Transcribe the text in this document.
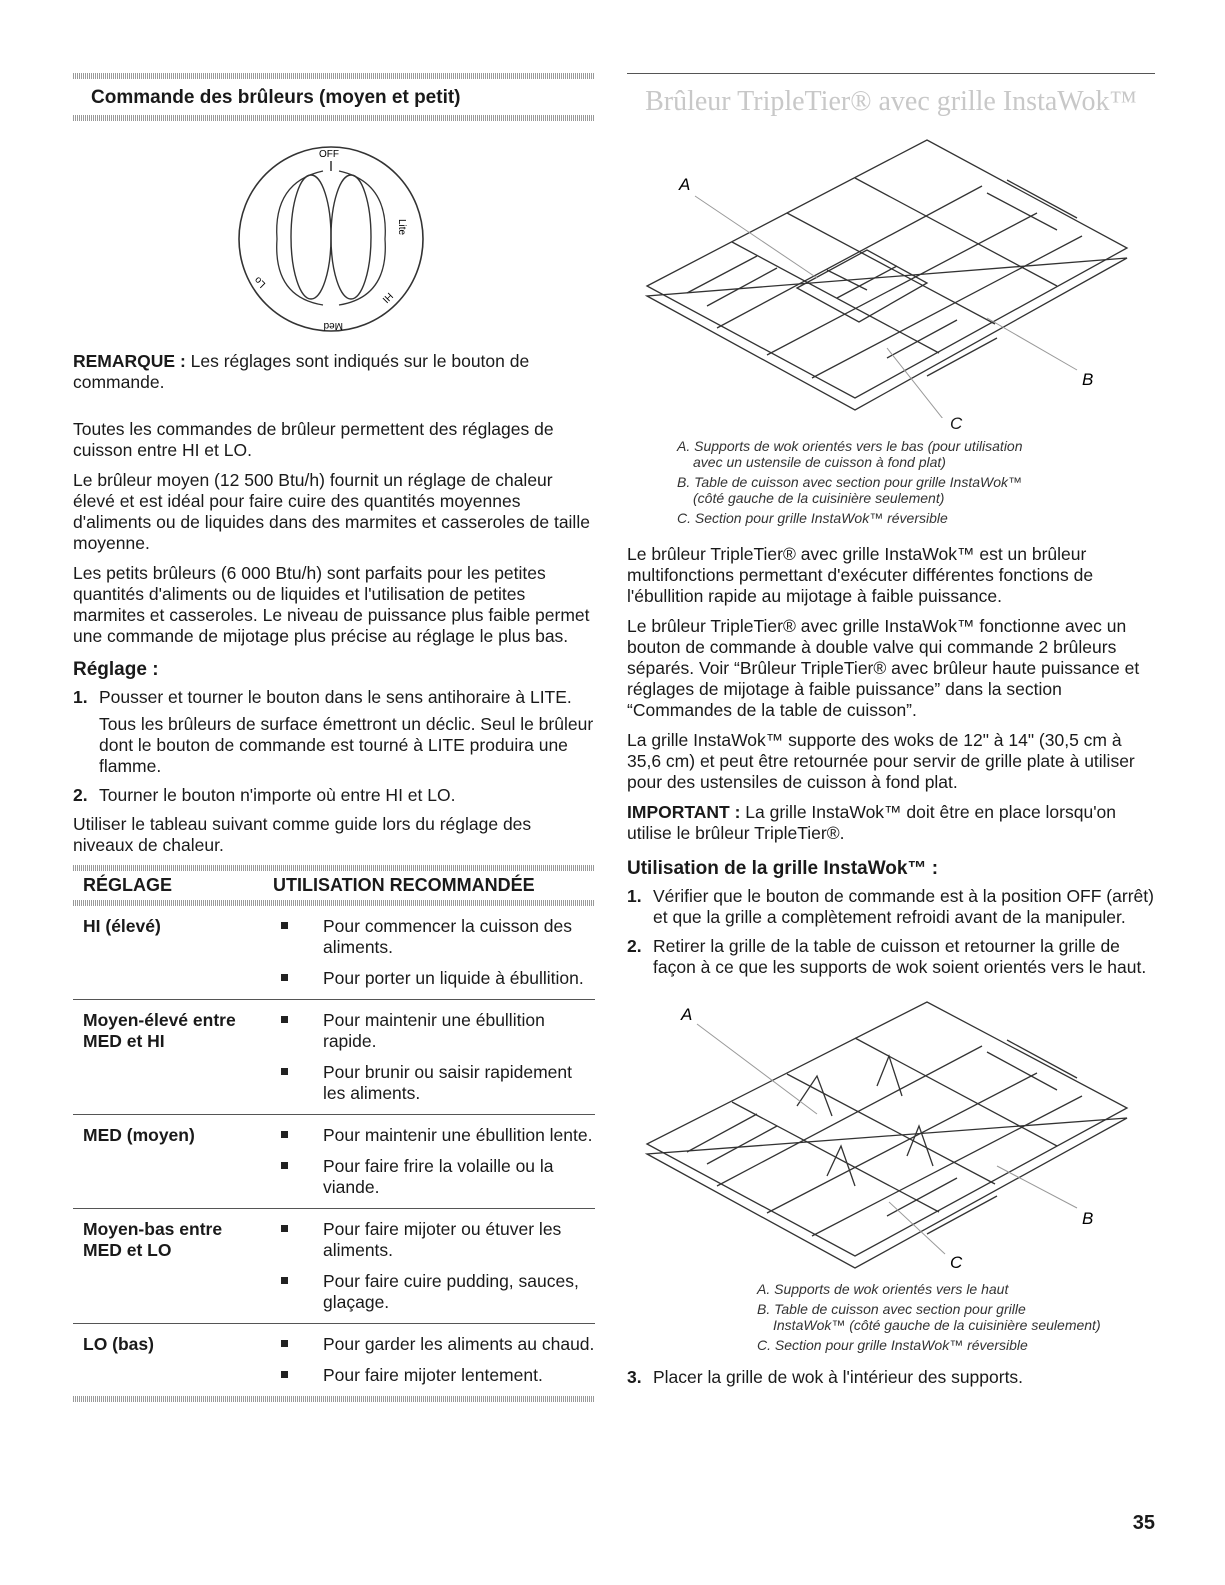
Commande des brûleurs (moyen et petit)
OFF
Lite
HI
Med
Lo

REMARQUE : Les réglages sont indiqués sur le bouton de commande.

Toutes les commandes de brûleur permettent des réglages de cuisson entre HI et LO.

Le brûleur moyen (12 500 Btu/h) fournit un réglage de chaleur élevé et est idéal pour faire cuire des quantités moyennes d'aliments ou de liquides dans des marmites et casseroles de taille moyenne.

Les petits brûleurs (6 000 Btu/h) sont parfaits pour les petites quantités d'aliments ou de liquides et l'utilisation de petites marmites et casseroles. Le niveau de puissance plus faible permet une commande de mijotage plus précise au réglage le plus bas.

Réglage :
1. Pousser et tourner le bouton dans le sens antihoraire à LITE.

Tous les brûleurs de surface émettront un déclic. Seul le brûleur dont le bouton de commande est tourné à LITE produira une flamme.

2. Tourner le bouton n'importe où entre HI et LO.

Utiliser le tableau suivant comme guide lors du réglage des niveaux de chaleur.

RÉGLAGE	UTILISATION RECOMMANDÉE

HI (élevé)	Pour commencer la cuisson des aliments.
Pour porter un liquide à ébullition.

Moyen-élevé entre MED et HI	Pour maintenir une ébullition rapide.
Pour brunir ou saisir rapidement les aliments.

MED (moyen)	Pour maintenir une ébullition lente.
Pour faire frire la volaille ou la viande.

Moyen-bas entre MED et LO	Pour faire mijoter ou étuver les aliments.
Pour faire cuire pudding, sauces, glaçage.

LO (bas)	Pour garder les aliments au chaud.
Pour faire mijoter lentement.
Brûleur TripleTier® avec grille InstaWok™
A
B
C

A. Supports de wok orientés vers le bas (pour utilisation
avec un ustensile de cuisson à fond plat)

B. Table de cuisson avec section pour grille InstaWok™
(côté gauche de la cuisinière seulement)

C. Section pour grille InstaWok™ réversible

Le brûleur TripleTier® avec grille InstaWok™ est un brûleur multifonctions permettant d'exécuter différentes fonctions de l'ébullition rapide au mijotage à faible puissance.

Le brûleur TripleTier® avec grille InstaWok™ fonctionne avec un bouton de commande à double valve qui commande 2 brûleurs séparés. Voir “Brûleur TripleTier® avec brûleur haute puissance et réglages de mijotage à faible puissance” dans la section “Commandes de la table de cuisson”.

La grille InstaWok™ supporte des woks de 12" à 14" (30,5 cm à 35,6 cm) et peut être retournée pour servir de grille plate à utiliser pour des ustensiles de cuisson à fond plat.

IMPORTANT : La grille InstaWok™ doit être en place lorsqu'on utilise le brûleur TripleTier®.

Utilisation de la grille InstaWok™ :
1. Vérifier que le bouton de commande est à la position OFF (arrêt) et que la grille a complètement refroidi avant de la manipuler.
2. Retirer la grille de la table de cuisson et retourner la grille de façon à ce que les supports de wok soient orientés vers le haut.
A
B
C

A. Supports de wok orientés vers le haut

B. Table de cuisson avec section pour grille
InstaWok™ (côté gauche de la cuisinière seulement)

C. Section pour grille InstaWok™ réversible

3. Placer la grille de wok à l'intérieur des supports.
35
